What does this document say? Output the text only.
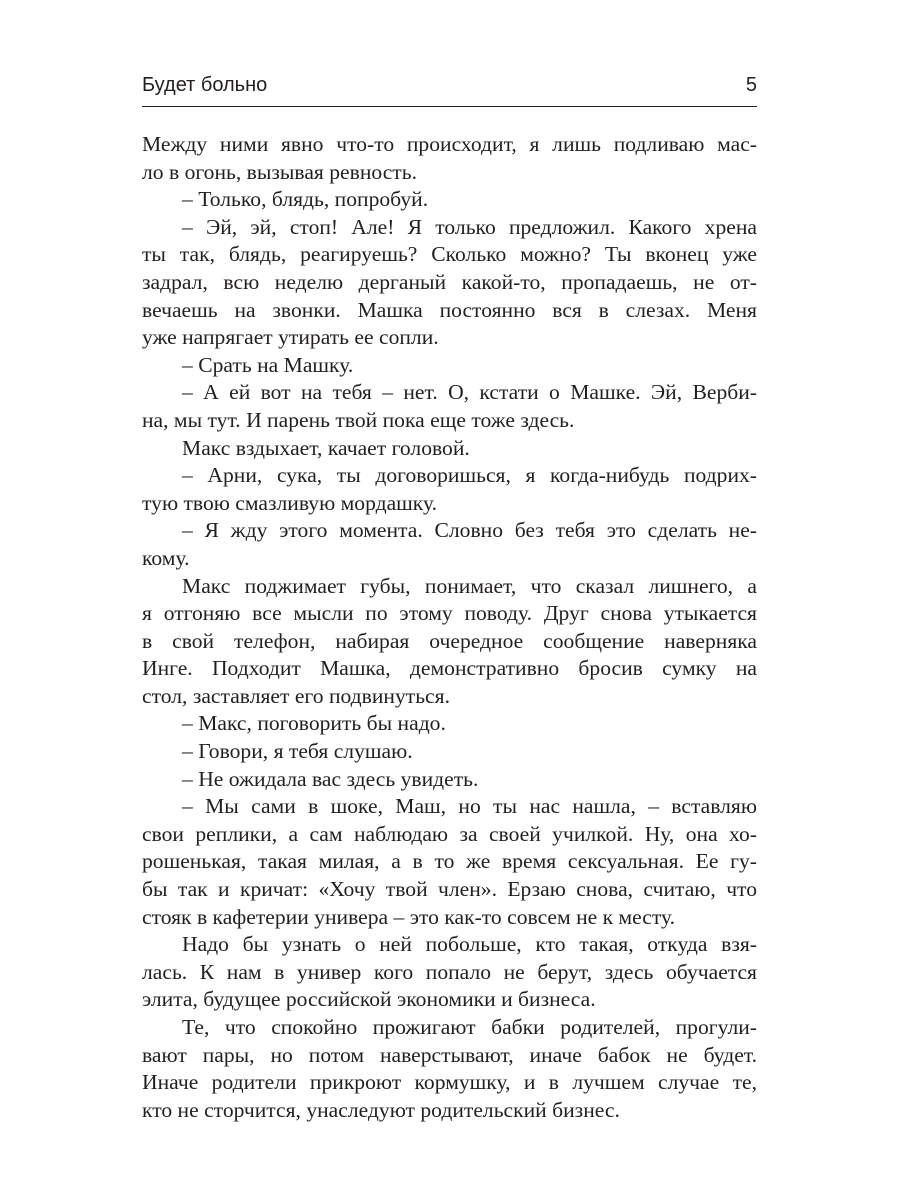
Будет больно	5
Между ними явно что-то происходит, я лишь подливаю мас-
ло в огонь, вызывая ревность.
– Только, блядь, попробуй.
– Эй, эй, стоп! Але! Я только предложил. Какого хрена
ты так, блядь, реагируешь? Сколько можно? Ты вконец уже
задрал, всю неделю дерганый какой-то, пропадаешь, не от-
вечаешь на звонки. Машка постоянно вся в слезах. Меня
уже напрягает утирать ее сопли.
– Срать на Машку.
– А ей вот на тебя – нет. О, кстати о Машке. Эй, Верби-
на, мы тут. И парень твой пока еще тоже здесь.
Макс вздыхает, качает головой.
– Арни, сука, ты договоришься, я когда-нибудь подрих-
тую твою смазливую мордашку.
– Я жду этого момента. Словно без тебя это сделать не-
кому.
Макс поджимает губы, понимает, что сказал лишнего, а
я отгоняю все мысли по этому поводу. Друг снова утыкается
в свой телефон, набирая очередное сообщение наверняка
Инге. Подходит Машка, демонстративно бросив сумку на
стол, заставляет его подвинуться.
– Макс, поговорить бы надо.
– Говори, я тебя слушаю.
– Не ожидала вас здесь увидеть.
– Мы сами в шоке, Маш, но ты нас нашла, – вставляю
свои реплики, а сам наблюдаю за своей училкой. Ну, она хо-
рошенькая, такая милая, а в то же время сексуальная. Ее гу-
бы так и кричат: «Хочу твой член». Ерзаю снова, считаю, что
стояк в кафетерии универа – это как-то совсем не к месту.
Надо бы узнать о ней побольше, кто такая, откуда взя-
лась. К нам в универ кого попало не берут, здесь обучается
элита, будущее российской экономики и бизнеса.
Те, что спокойно прожигают бабки родителей, прогули-
вают пары, но потом наверстывают, иначе бабок не будет.
Иначе родители прикроют кормушку, и в лучшем случае те,
кто не сторчится, унаследуют родительский бизнес.
